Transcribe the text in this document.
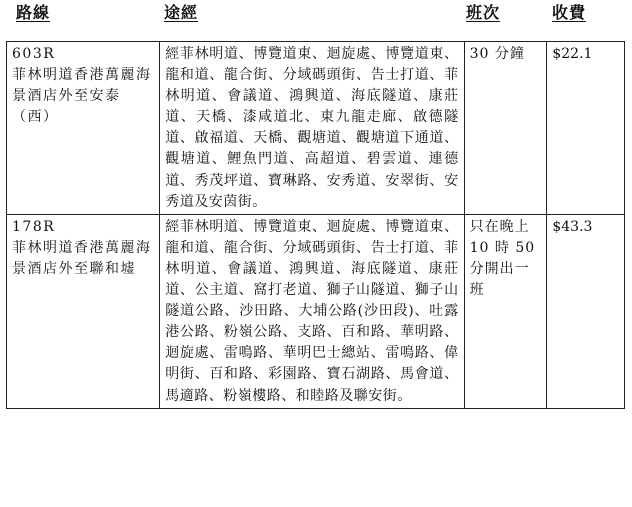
路線	途經	班次	收費
603R
菲林明道香港萬麗海景酒店外至安泰（西）	經菲林明道、博覽道東、迴旋處、博覽道東、龍和道、龍合街、分域碼頭街、告士打道、菲林明道、會議道、鴻興道、海底隧道、康莊道、天橋、漆咸道北、東九龍走廊、啟德隧道、啟福道、天橋、觀塘道、觀塘道下通道、觀塘道、鯉魚門道、高超道、碧雲道、連德道、秀茂坪道、寶琳路、安秀道、安翠街、安秀道及安茵街。	30 分鐘	$22.1

178R
菲林明道香港萬麗海景酒店外至聯和墟	經菲林明道、博覽道東、迴旋處、博覽道東、龍和道、龍合街、分域碼頭街、告士打道、菲林明道、會議道、鴻興道、海底隧道、康莊道、公主道、窩打老道、獅子山隧道、獅子山隧道公路、沙田路、大埔公路(沙田段)、吐露港公路、粉嶺公路、支路、百和路、華明路、迴旋處、雷鳴路、華明巴士總站、雷鳴路、偉明街、百和路、彩園路、寶石湖路、馬會道、馬適路、粉嶺樓路、和睦路及聯安街。	只在晚上 10 時 50 分開出一班	$43.3
